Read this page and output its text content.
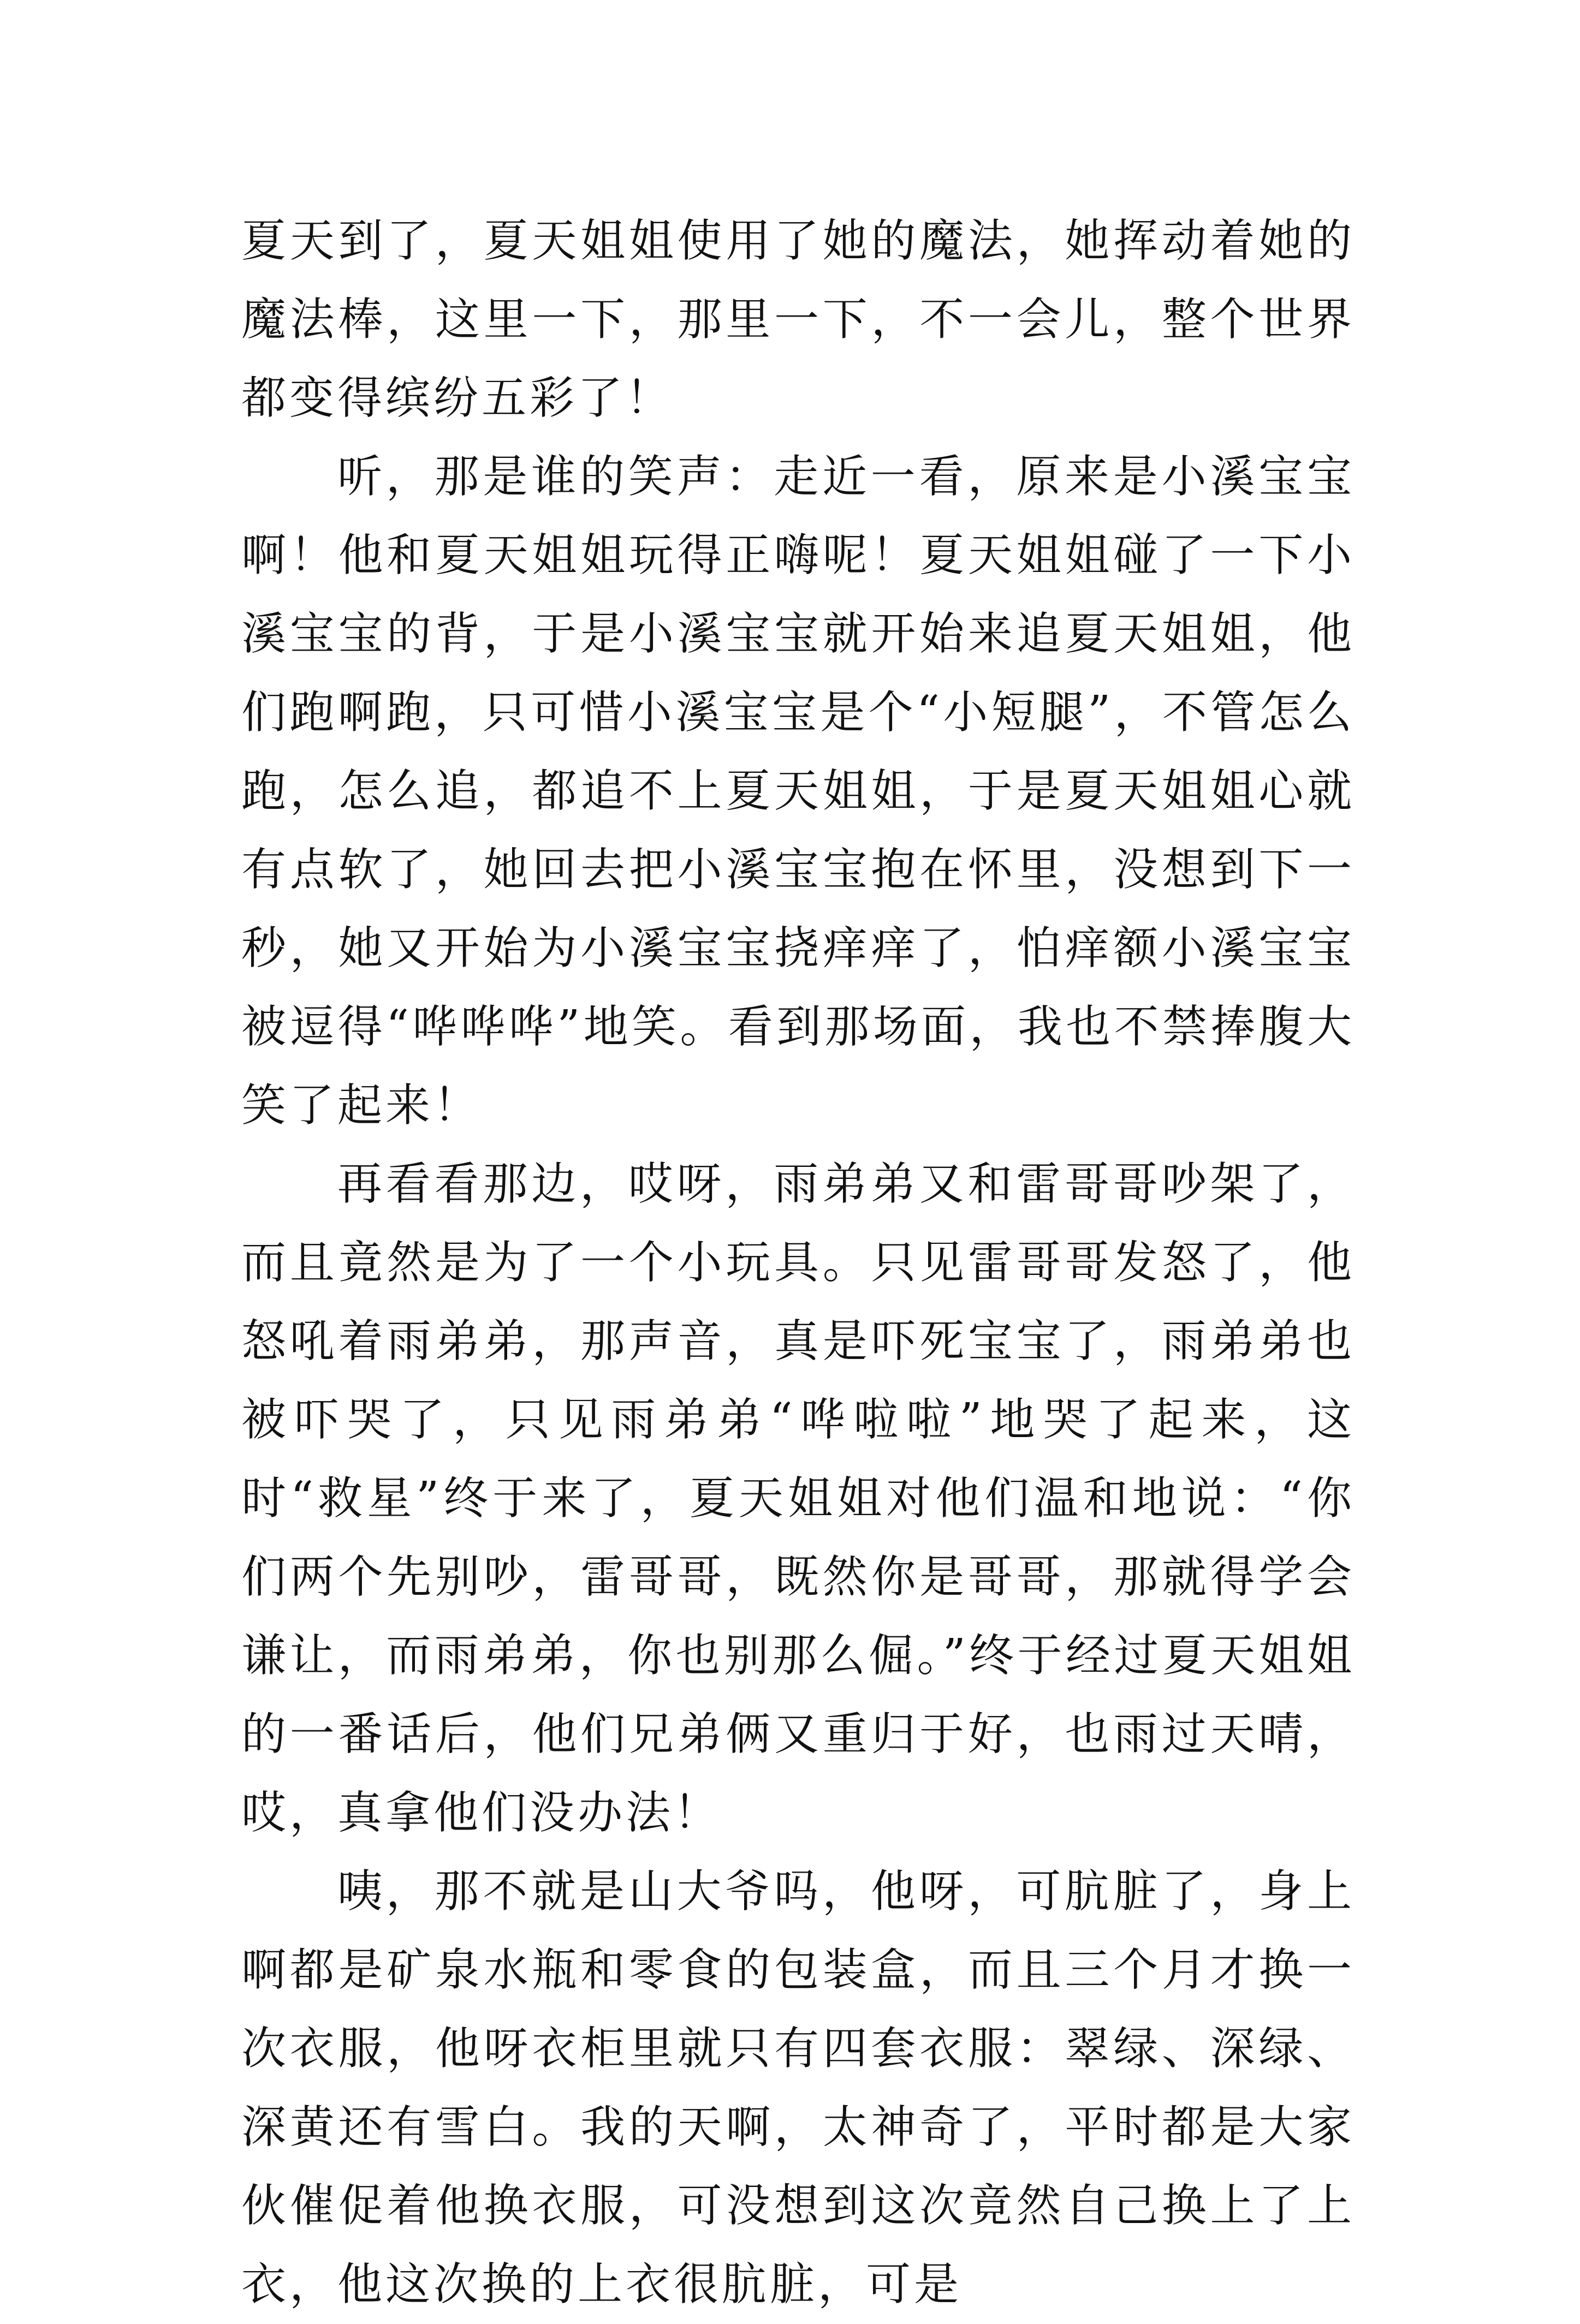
夏天到了，夏天姐姐使用了她的魔法，她挥动着她的魔法棒，这里一下，那里一下，不一会儿，整个世界都变得缤纷五彩了！

听，那是谁的笑声：走近一看，原来是小溪宝宝啊！他和夏天姐姐玩得正嗨呢！夏天姐姐碰了一下小溪宝宝的背，于是小溪宝宝就开始来追夏天姐姐，他们跑啊跑，只可惜小溪宝宝是个“小短腿”，不管怎么跑，怎么追，都追不上夏天姐姐，于是夏天姐姐心就有点软了，她回去把小溪宝宝抱在怀里，没想到下一秒，她又开始为小溪宝宝挠痒痒了，怕痒额小溪宝宝被逗得“哗哗哗”地笑。看到那场面，我也不禁捧腹大笑了起来！

再看看那边，哎呀，雨弟弟又和雷哥哥吵架了，而且竟然是为了一个小玩具。只见雷哥哥发怒了，他怒吼着雨弟弟，那声音，真是吓死宝宝了，雨弟弟也被吓哭了，只见雨弟弟“哗啦啦”地哭了起来，这时“救星”终于来了，夏天姐姐对他们温和地说：“你们两个先别吵，雷哥哥，既然你是哥哥，那就得学会谦让，而雨弟弟，你也别那么倔。”终于经过夏天姐姐的一番话后，他们兄弟俩又重归于好，也雨过天晴，哎，真拿他们没办法！

咦，那不就是山大爷吗，他呀，可肮脏了，身上啊都是矿泉水瓶和零食的包装盒，而且三个月才换一次衣服，他呀衣柜里就只有四套衣服：翠绿、深绿、深黄还有雪白。我的天啊，太神奇了，平时都是大家伙催促着他换衣服，可没想到这次竟然自己换上了上衣，他这次换的上衣很肮脏，可是
